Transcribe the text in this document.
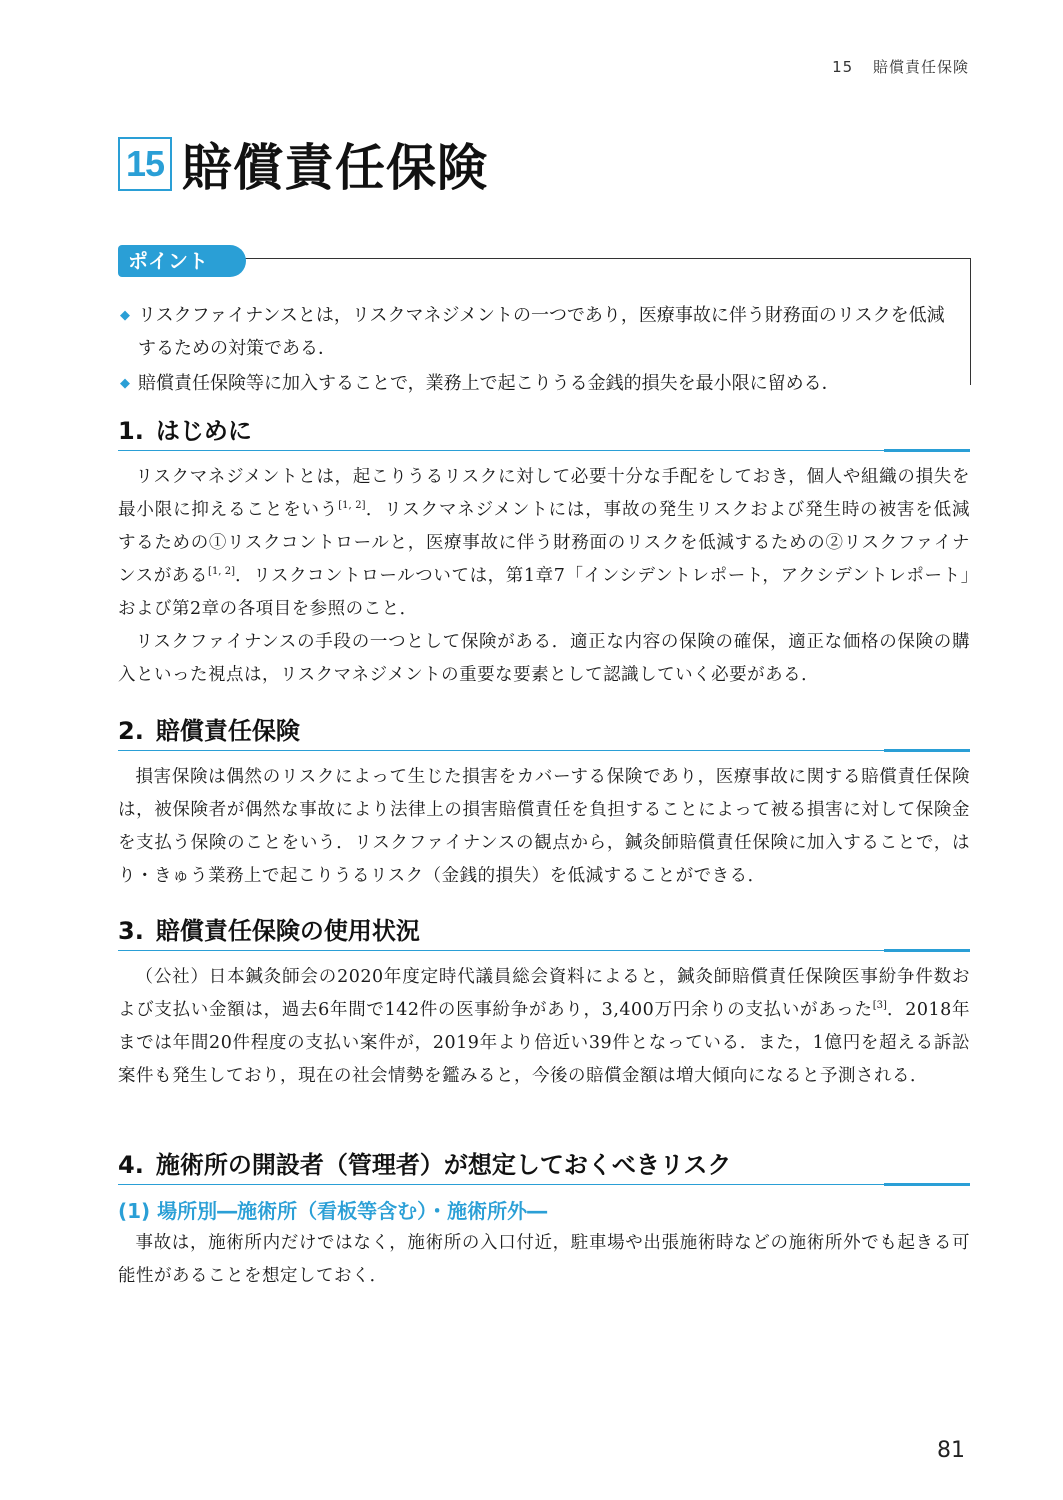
15 賠償責任保険
15 賠償責任保険
ポイント
◆ リスクファイナンスとは，リスクマネジメントの一つであり，医療事故に伴う財務面のリスクを低減するための対策である．
◆ 賠償責任保険等に加入することで，業務上で起こりうる金銭的損失を最小限に留める．
1. はじめに

リスクマネジメントとは，起こりうるリスクに対して必要十分な手配をしておき，個人や組織の損失を最小限に抑えることをいう[1, 2]．リスクマネジメントには，事故の発生リスクおよび発生時の被害を低減するための①リスクコントロールと，医療事故に伴う財務面のリスクを低減するための②リスクファイナンスがある[1, 2]．リスクコントロールついては，第1章7「インシデントレポート，アクシデントレポート」および第2章の各項目を参照のこと．

リスクファイナンスの手段の一つとして保険がある．適正な内容の保険の確保，適正な価格の保険の購入といった視点は，リスクマネジメントの重要な要素として認識していく必要がある．

2. 賠償責任保険

損害保険は偶然のリスクによって生じた損害をカバーする保険であり，医療事故に関する賠償責任保険は，被保険者が偶然な事故により法律上の損害賠償責任を負担することによって被る損害に対して保険金を支払う保険のことをいう．リスクファイナンスの観点から，鍼灸師賠償責任保険に加入することで，はり・きゅう業務上で起こりうるリスク（金銭的損失）を低減することができる．

3. 賠償責任保険の使用状況

（公社）日本鍼灸師会の2020年度定時代議員総会資料によると，鍼灸師賠償責任保険医事紛争件数および支払い金額は，過去6年間で142件の医事紛争があり，3,400万円余りの支払いがあった[3]．2018年までは年間20件程度の支払い案件が，2019年より倍近い39件となっている．また，1億円を超える訴訟案件も発生しており，現在の社会情勢を鑑みると，今後の賠償金額は増大傾向になると予測される．

4. 施術所の開設者（管理者）が想定しておくべきリスク
(1) 場所別―施術所（看板等含む）・施術所外―

事故は，施術所内だけではなく，施術所の入口付近，駐車場や出張施術時などの施術所外でも起きる可能性があることを想定しておく．

81
